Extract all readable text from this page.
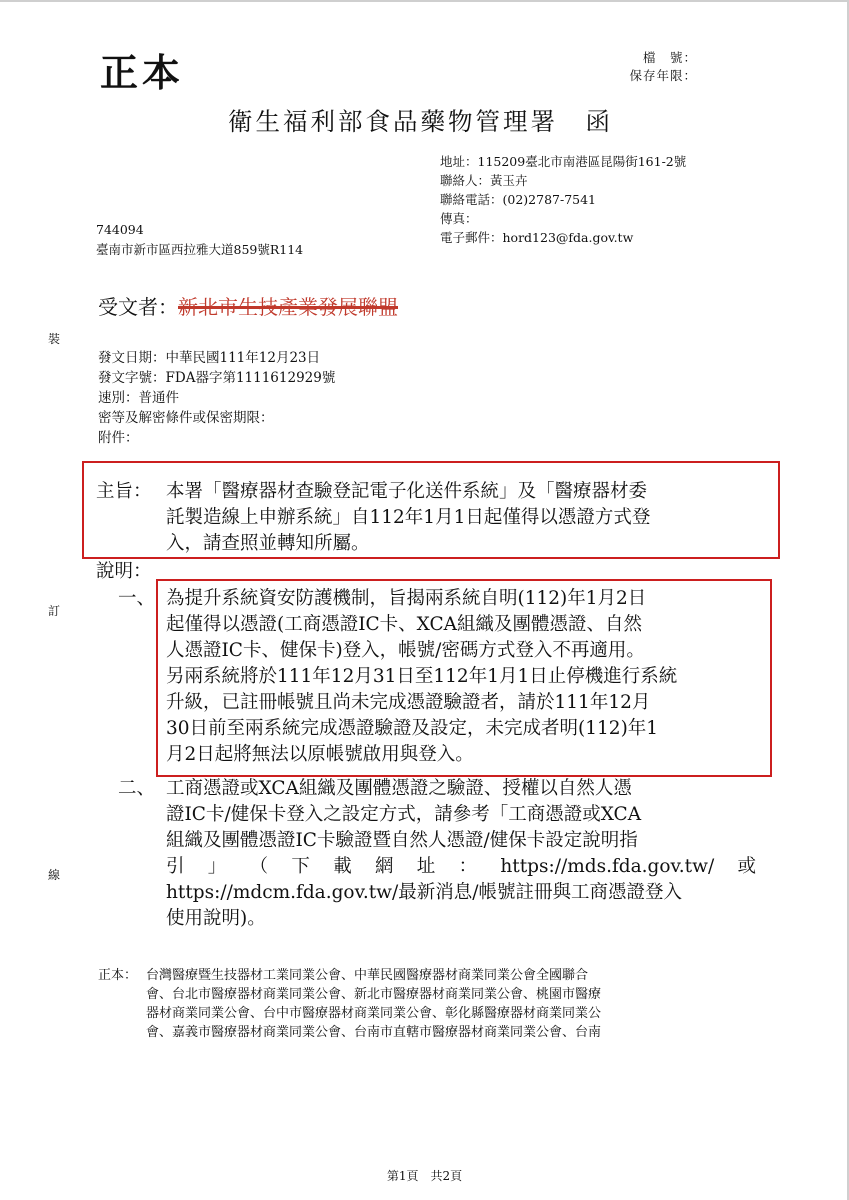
正本	檔　號：
保存年限：
衛生福利部食品藥物管理署　函
地址：115209臺北市南港區昆陽街161-2號
聯絡人：黃玉卉
聯絡電話：(02)2787-7541
傳真：
電子郵件：hord123@fda.gov.tw
744094
臺南市新市區西拉雅大道859號R114
受文者：新北市生技產業發展聯盟
發文日期：中華民國111年12月23日
發文字號：FDA器字第1111612929號
速別：普通件
密等及解密條件或保密期限：
附件：
主旨： 本署「醫療器材查驗登記電子化送件系統」及「醫療器材委
託製造線上申辦系統」自112年1月1日起僅得以憑證方式登
入，請查照並轉知所屬。
說明：
一、 為提升系統資安防護機制，旨揭兩系統自明(112)年1月2日
起僅得以憑證(工商憑證IC卡、XCA組織及團體憑證、自然
人憑證IC卡、健保卡)登入，帳號/密碼方式登入不再適用。
另兩系統將於111年12月31日至112年1月1日止停機進行系統
升級，已註冊帳號且尚未完成憑證驗證者，請於111年12月
30日前至兩系統完成憑證驗證及設定，未完成者明(112)年1
月2日起將無法以原帳號啟用與登入。
二、 工商憑證或XCA組織及團體憑證之驗證、授權以自然人憑
證IC卡/健保卡登入之設定方式，請參考「工商憑證或XCA
組織及團體憑證IC卡驗證暨自然人憑證/健保卡設定說明指
引 」 （ 下 載 網 址 ： https://mds.fda.gov.tw/ 或
https://mdcm.fda.gov.tw/最新消息/帳號註冊與工商憑證登入
使用說明)。
正本： 台灣醫療暨生技器材工業同業公會、中華民國醫療器材商業同業公會全國聯合
會、台北市醫療器材商業同業公會、新北市醫療器材商業同業公會、桃園市醫療
器材商業同業公會、台中市醫療器材商業同業公會、彰化縣醫療器材商業同業公
會、嘉義市醫療器材商業同業公會、台南市直轄市醫療器材商業同業公會、台南
裝
訂
線
第1頁　共2頁
